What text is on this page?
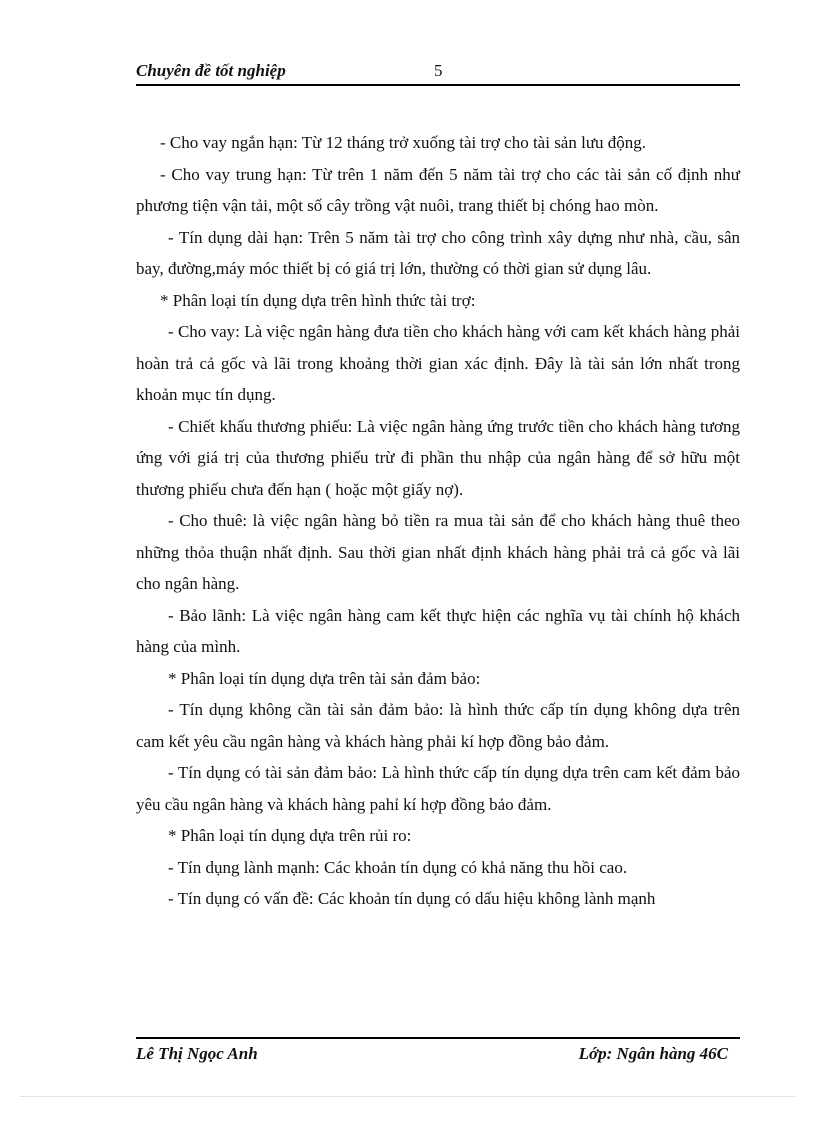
Chuyên đề tốt nghiệp	5

- Cho vay ngắn hạn: Từ 12 tháng trở xuống tài trợ cho tài sản lưu động.

- Cho vay trung hạn: Từ trên 1 năm đến 5 năm tài trợ cho các tài sản cố định như phương tiện vận tải, một số cây trồng vật nuôi, trang thiết bị chóng hao mòn.

- Tín dụng dài hạn: Trên 5 năm tài trợ cho công trình xây dựng như nhà, cầu, sân bay, đường,máy móc thiết bị có giá trị lớn, thường có thời gian sử dụng lâu.

* Phân loại tín dụng dựa trên hình thức tài trợ:

- Cho vay: Là việc ngân hàng đưa tiền cho khách hàng với cam kết khách hàng phải hoàn trả cả gốc và lãi trong khoảng thời gian xác định. Đây là tài sản lớn nhất trong khoản mục tín dụng.

- Chiết khấu thương phiếu: Là việc ngân hàng ứng trước tiền cho khách hàng tương ứng với giá trị của thương phiếu trừ đi phần thu nhập của ngân hàng để sở hữu một thương phiếu chưa đến hạn ( hoặc một giấy nợ).

- Cho thuê: là việc ngân hàng bỏ tiền ra mua tài sản để cho khách hàng thuê theo những thỏa thuận nhất định. Sau thời gian nhất định khách hàng phải trả cả gốc và lãi cho ngân hàng.

- Bảo lãnh: Là việc ngân hàng cam kết thực hiện các nghĩa vụ tài chính hộ khách hàng của mình.

* Phân loại tín dụng dựa trên tài sản đảm bảo:

- Tín dụng không cần tài sản đảm bảo: là hình thức cấp tín dụng không dựa trên cam kết yêu cầu ngân hàng và khách hàng phải kí hợp đồng bảo đảm.

- Tín dụng có tài sản đảm bảo: Là hình thức cấp tín dụng dựa trên cam kết đảm bảo yêu cầu ngân hàng và khách hàng pahỉ kí hợp đồng bảo đảm.

* Phân loại tín dụng dựa trên rủi ro:

- Tín dụng lành mạnh: Các khoản tín dụng có khả năng thu hồi cao.

- Tín dụng có vấn đề: Các khoản tín dụng có dấu hiệu không lành mạnh

Lê Thị Ngọc Anh	Lớp: Ngân hàng 46C
